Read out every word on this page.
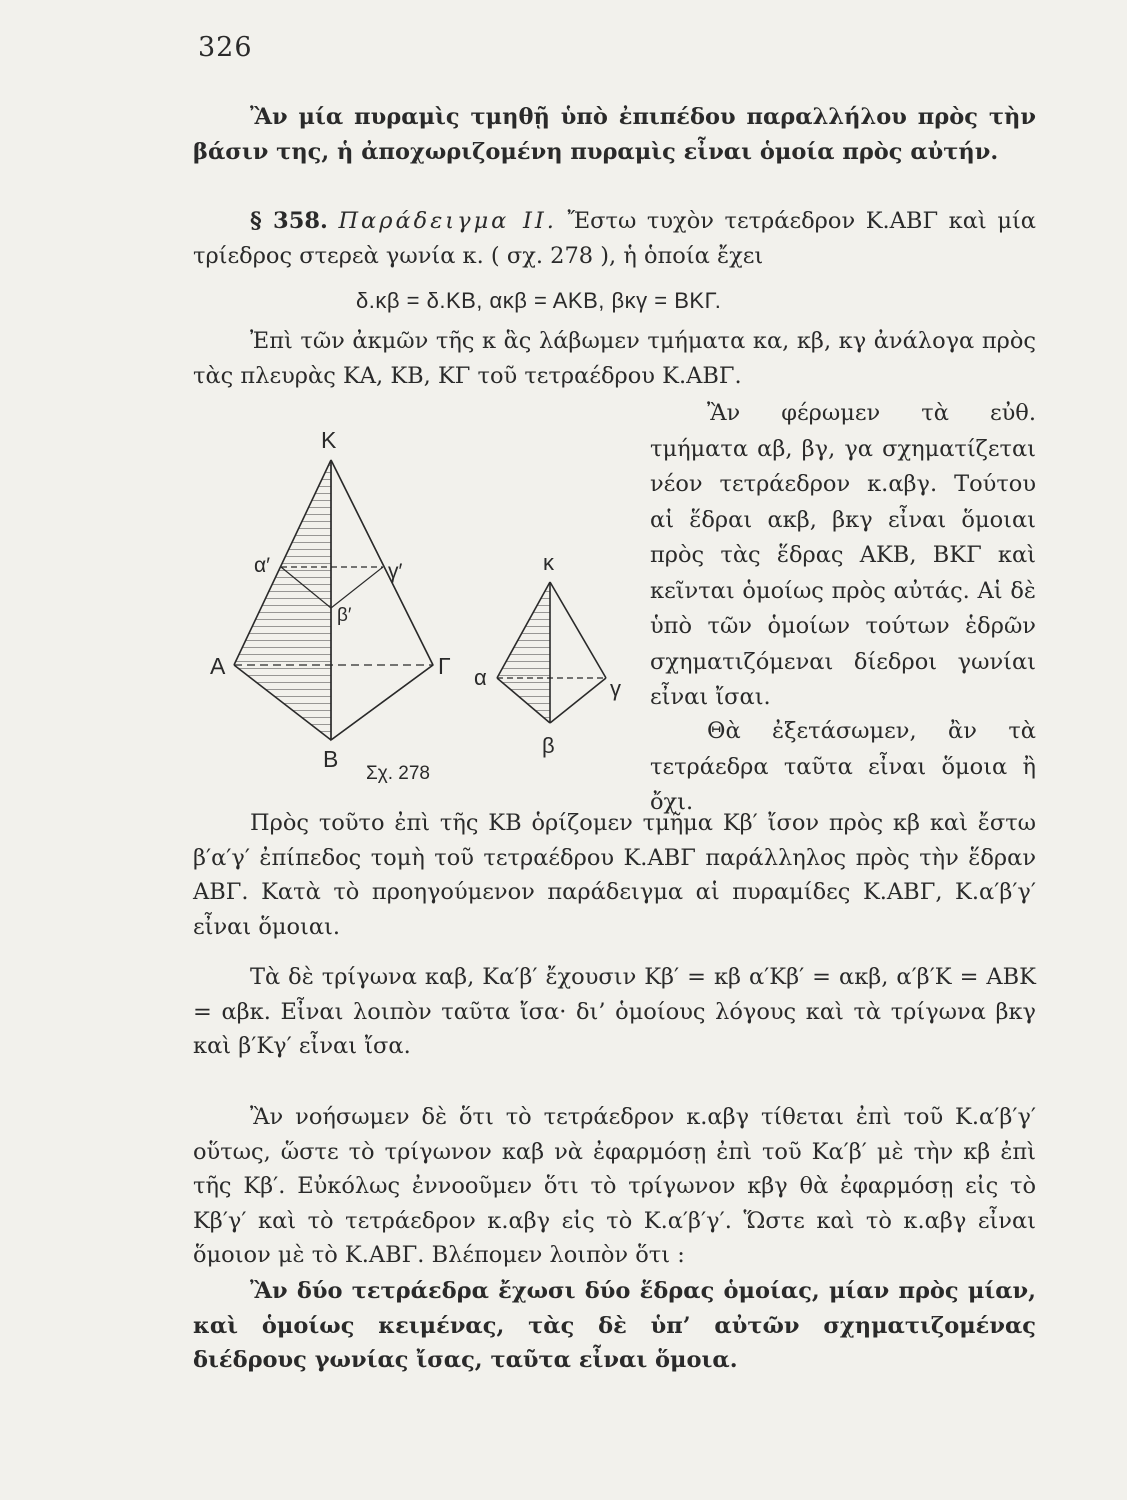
326

Ἂν μία πυραμὶς τμηθῇ ὑπὸ ἐπιπέδου παραλλήλου πρὸς τὴν βάσιν της, ἡ ἀποχωριζομένη πυραμὶς εἶναι ὁμοία πρὸς αὐτήν.

§ 358. Παράδειγμα II. Ἔστω τυχὸν τετράεδρον Κ.ΑΒΓ καὶ μία τρίεδρος στερεὰ γωνία κ. ( σχ. 278 ), ἡ ὁποία ἔχει

δ.κβ = δ.ΚΒ, ακβ = ΑΚΒ, βκγ = ΒΚΓ.

Ἐπὶ τῶν ἀκμῶν τῆς κ ἃς λάβωμεν τμήματα κα, κβ, κγ ἀνάλογα πρὸς τὰς πλευρὰς ΚΑ, ΚΒ, ΚΓ τοῦ τετραέδρου Κ.ΑΒΓ.

Ἂν φέρωμεν τὰ εὐθ. τμήματα αβ, βγ, γα σχηματίζεται νέον τετράεδρον κ.αβγ. Τούτου αἱ ἕδραι ακβ, βκγ εἶναι ὅμοιαι πρὸς τὰς ἕδρας ΑΚΒ, ΒΚΓ καὶ κεῖνται ὁμοίως πρὸς αὐτάς. Αἱ δὲ ὑπὸ τῶν ὁμοίων τούτων ἑδρῶν σχηματιζόμεναι δίεδροι γωνίαι εἶναι ἴσαι.

Θὰ ἐξετάσωμεν, ἂν τὰ τετράεδρα ταῦτα εἶναι ὅμοια ἢ ὄχι.

Κ
Α
Β
Γ
α′
β′
γ′	κ
α
β
γ
Σχ. 278

Πρὸς τοῦτο ἐπὶ τῆς ΚΒ ὁρίζομεν τμῆμα Κβ′ ἴσον πρὸς κβ καὶ ἔστω β′α′γ′ ἐπίπεδος τομὴ τοῦ τετραέδρου Κ.ΑΒΓ παράλληλος πρὸς τὴν ἕδραν ΑΒΓ. Κατὰ τὸ προηγούμενον παράδειγμα αἱ πυραμίδες Κ.ΑΒΓ, Κ.α′β′γ′ εἶναι ὅμοιαι.

Τὰ δὲ τρίγωνα καβ, Κα′β′ ἔχουσιν Κβ′ = κβ α′Κβ′ = ακβ, α′β′Κ = ΑΒΚ = αβκ. Εἶναι λοιπὸν ταῦτα ἴσα· δι’ ὁμοίους λόγους καὶ τὰ τρίγωνα βκγ καὶ β′Κγ′ εἶναι ἴσα.

Ἂν νοήσωμεν δὲ ὅτι τὸ τετράεδρον κ.αβγ τίθεται ἐπὶ τοῦ Κ.α′β′γ′ οὕτως, ὥστε τὸ τρίγωνον καβ νὰ ἐφαρμόσῃ ἐπὶ τοῦ Κα′β′ μὲ τὴν κβ ἐπὶ τῆς Κβ′. Εὐκόλως ἐννοοῦμεν ὅτι τὸ τρίγωνον κβγ θὰ ἐφαρμόσῃ εἰς τὸ Κβ′γ′ καὶ τὸ τετράεδρον κ.αβγ εἰς τὸ Κ.α′β′γ′. Ὥστε καὶ τὸ κ.αβγ εἶναι ὅμοιον μὲ τὸ Κ.ΑΒΓ. Βλέπομεν λοιπὸν ὅτι :

Ἂν δύο τετράεδρα ἔχωσι δύο ἕδρας ὁμοίας, μίαν πρὸς μίαν, καὶ ὁμοίως κειμένας, τὰς δὲ ὑπ’ αὐτῶν σχηματιζομένας διέδρους γωνίας ἴσας, ταῦτα εἶναι ὅμοια.
